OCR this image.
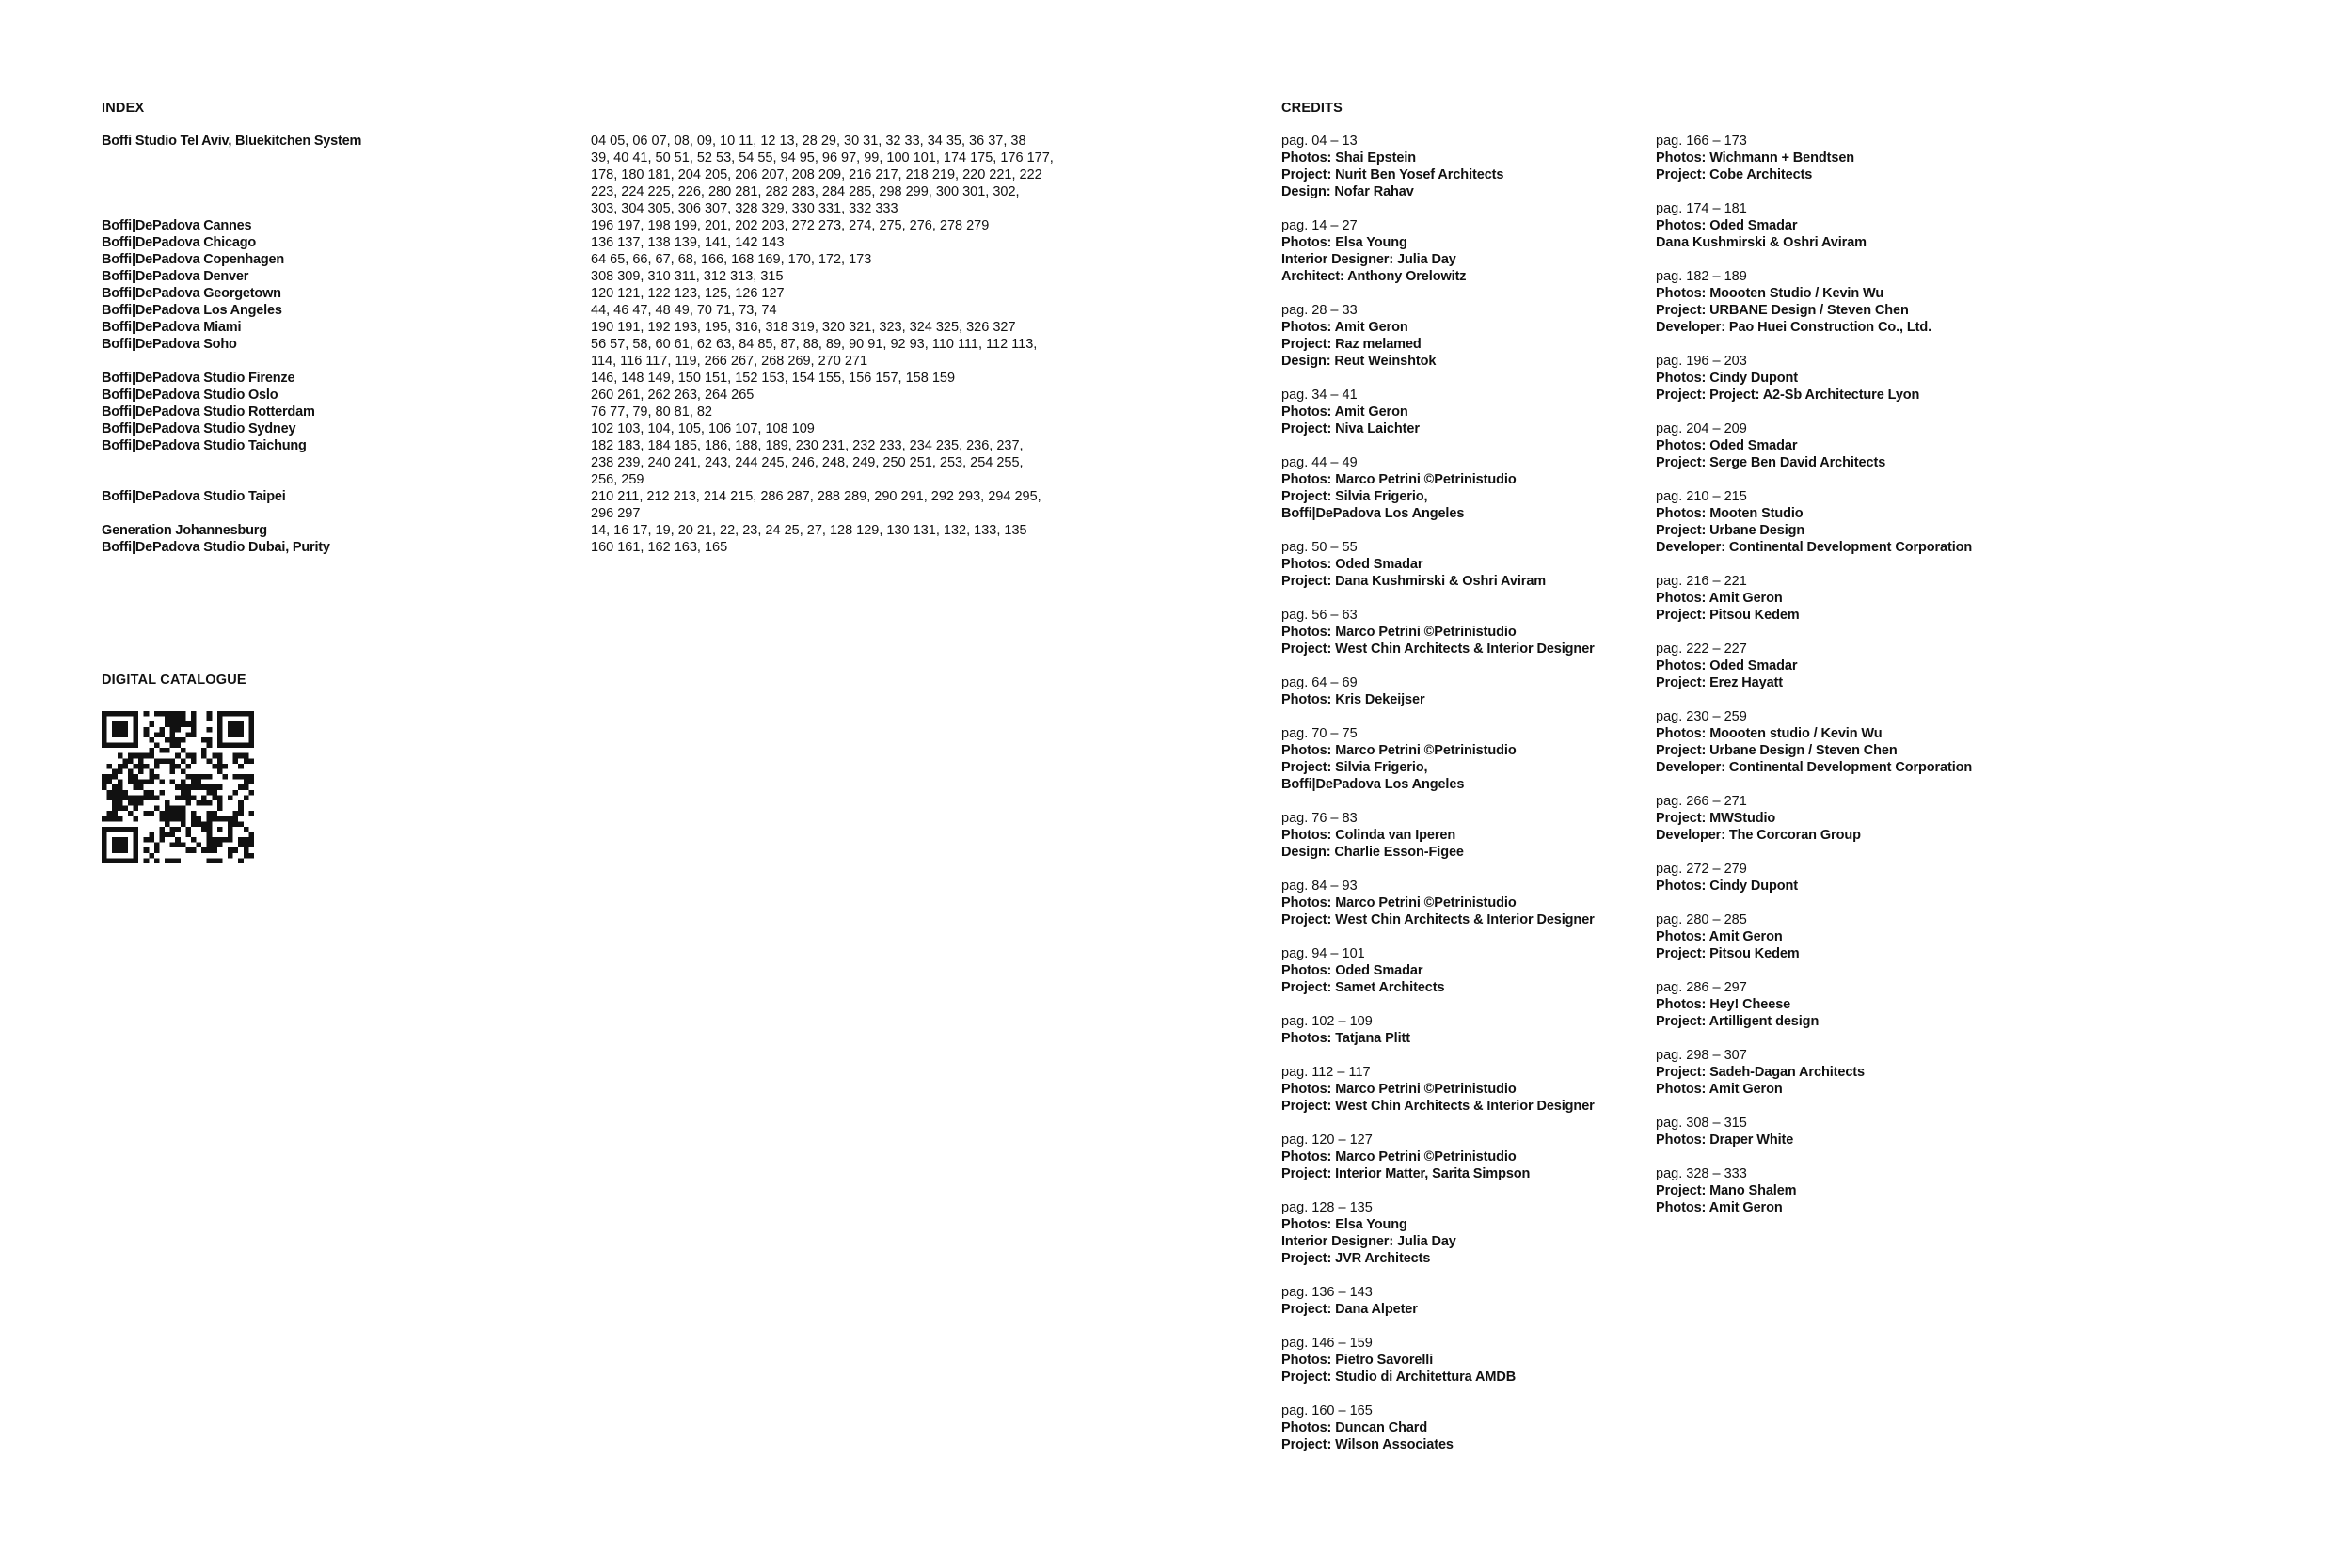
INDEX
Boffi Studio Tel Aviv, Bluekitchen System	04 05, 06 07, 08, 09, 10 11, 12 13, 28 29, 30 31, 32 33, 34 35, 36 37, 38
39, 40 41, 50 51, 52 53, 54 55, 94 95, 96 97, 99, 100 101, 174 175, 176 177,
178, 180 181, 204 205, 206 207, 208 209, 216 217, 218 219, 220 221, 222
223, 224 225, 226, 280 281, 282 283, 284 285, 298 299, 300 301, 302,
303, 304 305, 306 307, 328 329, 330 331, 332 333
Boffi|DePadova Cannes	196 197, 198 199, 201, 202 203, 272 273, 274, 275, 276, 278 279
Boffi|DePadova Chicago	136 137, 138 139, 141, 142 143
Boffi|DePadova Copenhagen	64 65, 66, 67, 68, 166, 168 169, 170, 172, 173
Boffi|DePadova Denver	308 309, 310 311, 312 313, 315
Boffi|DePadova Georgetown	120 121, 122 123, 125, 126 127
Boffi|DePadova Los Angeles	44, 46 47, 48 49, 70 71, 73, 74
Boffi|DePadova Miami	190 191, 192 193, 195, 316, 318 319, 320 321, 323, 324 325, 326 327
Boffi|DePadova Soho	56 57, 58, 60 61, 62 63, 84 85, 87, 88, 89, 90 91, 92 93, 110 111, 112 113,
114, 116 117, 119, 266 267, 268 269, 270 271
Boffi|DePadova Studio Firenze	146, 148 149, 150 151, 152 153, 154 155, 156 157, 158 159
Boffi|DePadova Studio Oslo	260 261, 262 263, 264 265
Boffi|DePadova Studio Rotterdam	76 77, 79, 80 81, 82
Boffi|DePadova Studio Sydney	102 103, 104, 105, 106 107, 108 109
Boffi|DePadova Studio Taichung	182 183, 184 185, 186, 188, 189, 230 231, 232 233, 234 235, 236, 237,
238 239, 240 241, 243, 244 245, 246, 248, 249, 250 251, 253, 254 255,
256, 259
Boffi|DePadova Studio Taipei	210 211, 212 213, 214 215, 286 287, 288 289, 290 291, 292 293, 294 295,
296 297
Generation Johannesburg	14, 16 17, 19, 20 21, 22, 23, 24 25, 27, 128 129, 130 131, 132, 133, 135
Boffi|DePadova Studio Dubai, Purity	160 161, 162 163, 165
DIGITAL CATALOGUE
CREDITS
pag. 04 – 13
Photos: Shai Epstein
Project: Nurit Ben Yosef Architects
Design: Nofar Rahav
pag. 14 – 27
Photos: Elsa Young
Interior Designer: Julia Day
Architect: Anthony Orelowitz
pag. 28 – 33
Photos: Amit Geron
Project: Raz melamed
Design: Reut Weinshtok
pag. 34 – 41
Photos: Amit Geron
Project: Niva Laichter
pag. 44 – 49
Photos: Marco Petrini ©Petrinistudio
Project: Silvia Frigerio,
Boffi|DePadova Los Angeles
pag. 50 – 55
Photos: Oded Smadar
Project: Dana Kushmirski & Oshri Aviram
pag. 56 – 63
Photos: Marco Petrini ©Petrinistudio
Project: West Chin Architects & Interior Designer
pag. 64 – 69
Photos: Kris Dekeijser
pag. 70 – 75
Photos: Marco Petrini ©Petrinistudio
Project: Silvia Frigerio,
Boffi|DePadova Los Angeles
pag. 76 – 83
Photos: Colinda van Iperen
Design: Charlie Esson-Figee
pag. 84 – 93
Photos: Marco Petrini ©Petrinistudio
Project: West Chin Architects & Interior Designer
pag. 94 – 101
Photos: Oded Smadar
Project: Samet Architects
pag. 102 – 109
Photos: Tatjana Plitt
pag. 112 – 117
Photos: Marco Petrini ©Petrinistudio
Project: West Chin Architects & Interior Designer
pag. 120 – 127
Photos: Marco Petrini ©Petrinistudio
Project: Interior Matter, Sarita Simpson
pag. 128 – 135
Photos: Elsa Young
Interior Designer: Julia Day
Project: JVR Architects
pag. 136 – 143
Project: Dana Alpeter
pag. 146 – 159
Photos: Pietro Savorelli
Project: Studio di Architettura AMDB
pag. 160 – 165
Photos: Duncan Chard
Project: Wilson Associates
pag. 166 – 173
Photos: Wichmann + Bendtsen
Project: Cobe Architects
pag. 174 – 181
Photos: Oded Smadar
Dana Kushmirski & Oshri Aviram
pag. 182 – 189
Photos: Moooten Studio / Kevin Wu
Project: URBANE Design / Steven Chen
Developer: Pao Huei Construction Co., Ltd.
pag. 196 – 203
Photos: Cindy Dupont
Project: Project: A2-Sb Architecture Lyon
pag. 204 – 209
Photos: Oded Smadar
Project: Serge Ben David Architects
pag. 210 – 215
Photos: Mooten Studio
Project: Urbane Design
Developer: Continental Development Corporation
pag. 216 – 221
Photos: Amit Geron
Project: Pitsou Kedem
pag. 222 – 227
Photos: Oded Smadar
Project: Erez Hayatt
pag. 230 – 259
Photos: Moooten studio / Kevin Wu
Project: Urbane Design / Steven Chen
Developer: Continental Development Corporation
pag. 266 – 271
Project: MWStudio
Developer: The Corcoran Group
pag. 272 – 279
Photos: Cindy Dupont
pag. 280 – 285
Photos: Amit Geron
Project: Pitsou Kedem
pag. 286 – 297
Photos: Hey! Cheese
Project: Artilligent design
pag. 298 – 307
Project: Sadeh-Dagan Architects
Photos: Amit Geron
pag. 308 – 315
Photos: Draper White
pag. 328 – 333
Project: Mano Shalem
Photos: Amit Geron
